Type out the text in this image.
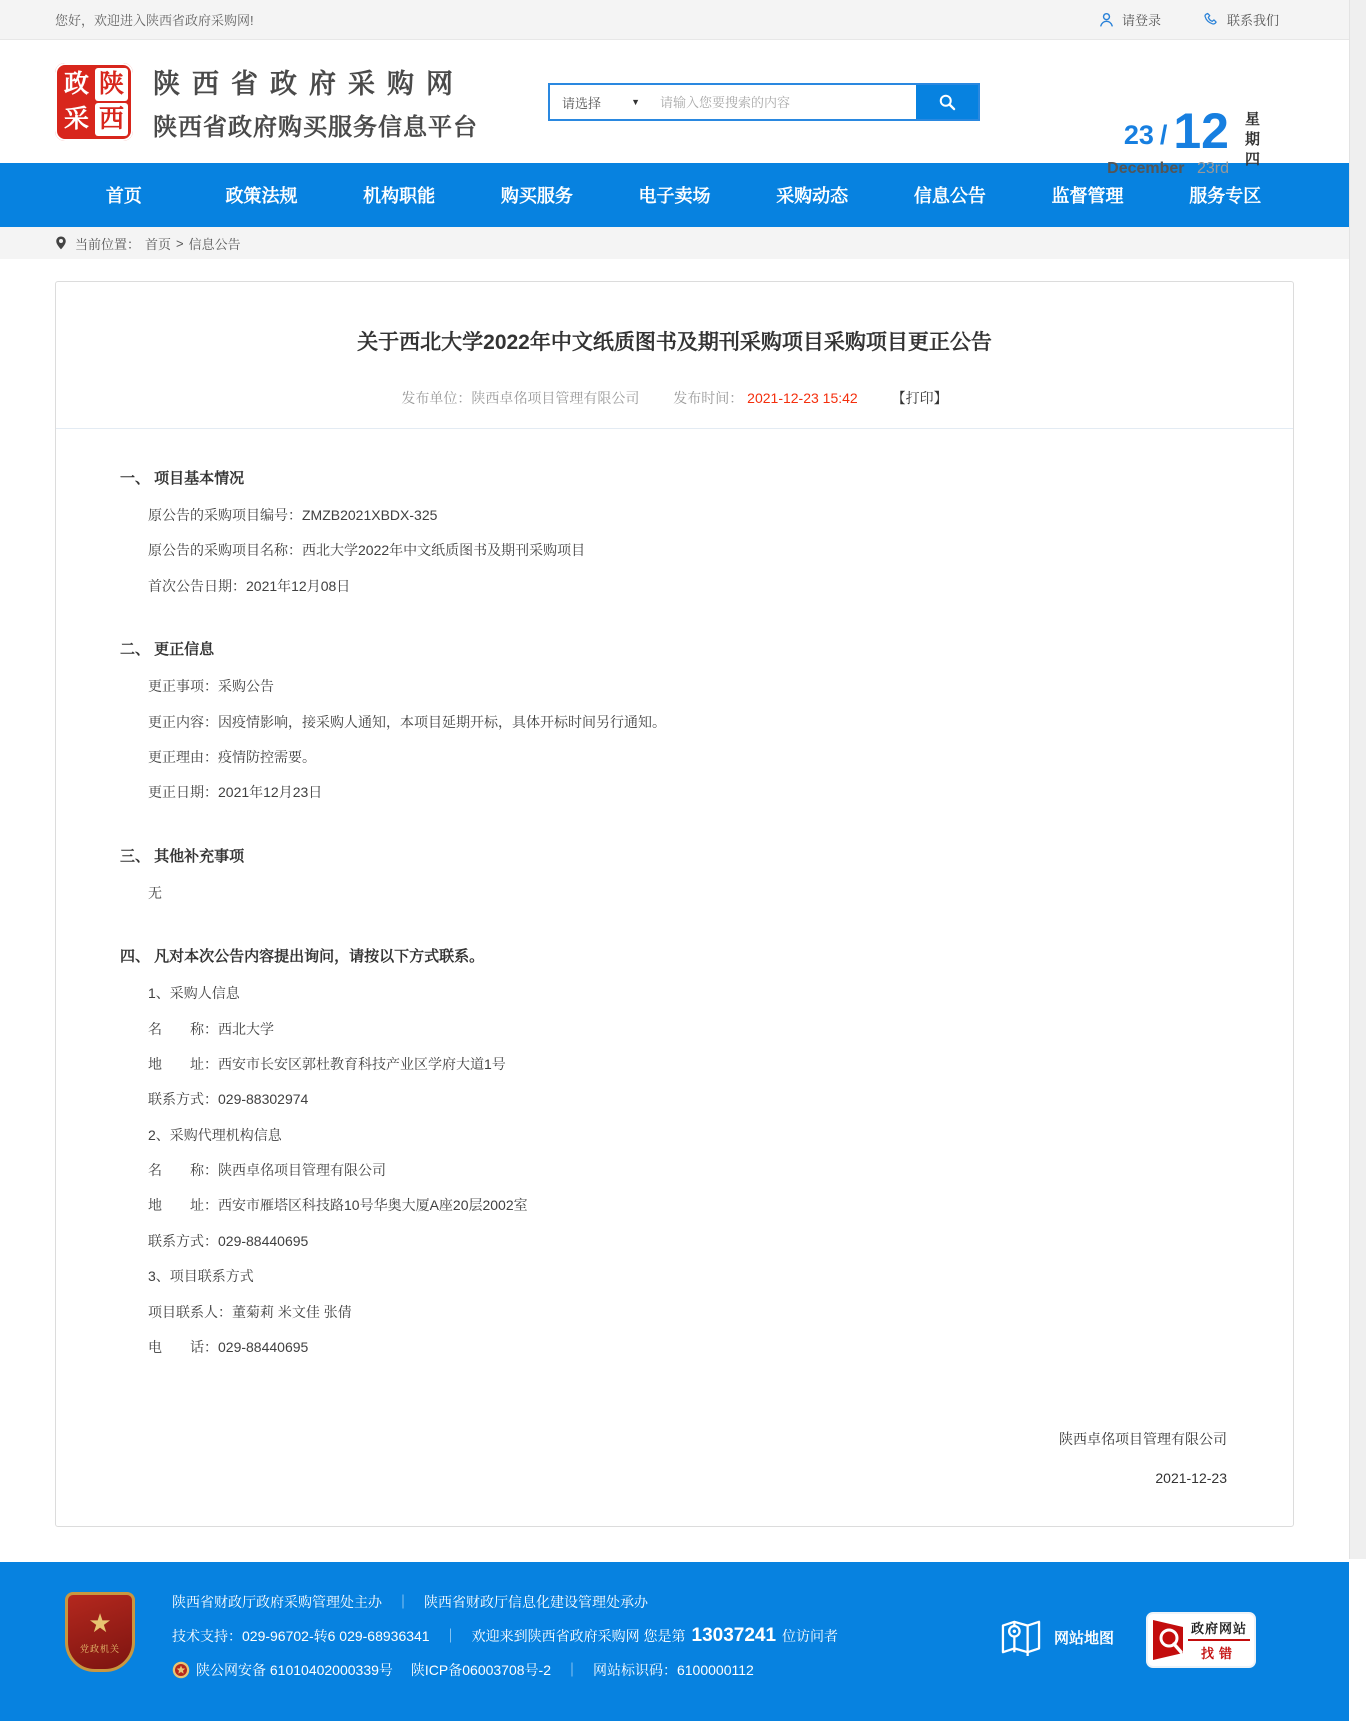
您好，欢迎进入陕西省政府采购网!	请登录	联系我们
政 陕
采 西
陕西省政府采购网
陕西省政府购买服务信息平台
请选择	▼
请输入您要搜索的内容
23 / 12
December 23rd
星期四
首页	政策法规	机构职能	购买服务	电子卖场	采购动态	信息公告	监督管理	服务专区
当前位置： 首页 > 信息公告
关于西北大学2022年中文纸质图书及期刊采购项目采购项目更正公告
发布单位：陕西卓佲项目管理有限公司 发布时间： 2021-12-23 15:42 【打印】
一、 项目基本情况

原公告的采购项目编号：ZMZB2021XBDX-325

原公告的采购项目名称：西北大学2022年中文纸质图书及期刊采购项目

首次公告日期：2021年12月08日

二、 更正信息

更正事项：采购公告

更正内容：因疫情影响，接采购人通知，本项目延期开标，具体开标时间另行通知。

更正理由：疫情防控需要。

更正日期：2021年12月23日

三、 其他补充事项

无

四、 凡对本次公告内容提出询问，请按以下方式联系。

1、采购人信息

名　　称：西北大学

地　　址：西安市长安区郭杜教育科技产业区学府大道1号

联系方式：029-88302974

2、采购代理机构信息

名　　称：陕西卓佲项目管理有限公司

地　　址：西安市雁塔区科技路10号华奥大厦A座20层2002室

联系方式：029-88440695

3、项目联系方式

项目联系人：董菊莉 米文佳 张倩

电　　话：029-88440695

陕西卓佲项目管理有限公司
2021-12-23
★
党政机关
陕西省财政厅政府采购管理处主办 ｜ 陕西省财政厅信息化建设管理处承办
技术支持：029-96702-转6 029-68936341 ｜ 欢迎来到陕西省政府采购网 您是第 13037241 位访问者
陕公网安备 61010402000339号 陕ICP备06003708号-2 ｜ 网站标识码：6100000112
网站地图
政府网站
找错
